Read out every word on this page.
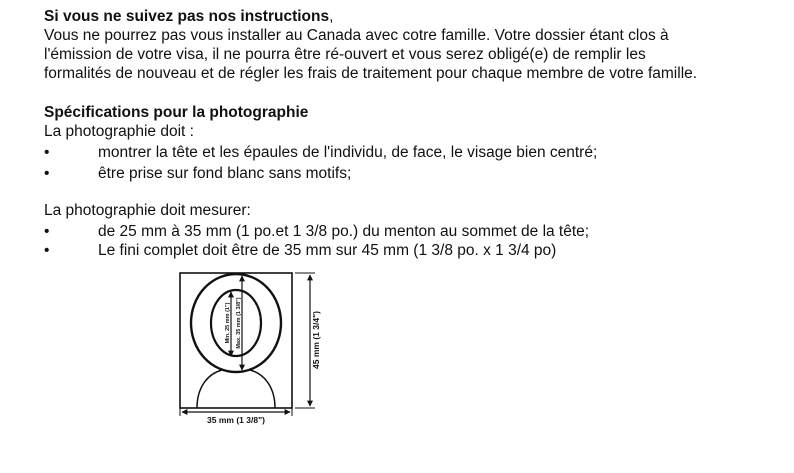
Si vous ne suivez pas nos instructions,
Vous ne pourrez pas vous installer au Canada avec cotre famille. Votre dossier étant clos à
l'émission de votre visa, il ne pourra être ré-ouvert et vous serez obligé(e) de remplir les
formalités de nouveau et de régler les frais de traitement pour chaque membre de votre famille.
Spécifications pour la photographie
La photographie doit :
•	montrer la tête et les épaules de l'individu, de face, le visage bien centré;
•	être prise sur fond blanc sans motifs;
La photographie doit mesurer:
•	de 25 mm à 35 mm (1 po.et 1 3/8 po.) du menton au sommet de la tête;
•	Le fini complet doit être de 35 mm sur 45 mm (1 3/8 po. x 1 3/4 po)
Min. 25 mm (1") Max. 35 mm (1 3/8")	45 mm (1 3/4")
35 mm (1 3/8")
